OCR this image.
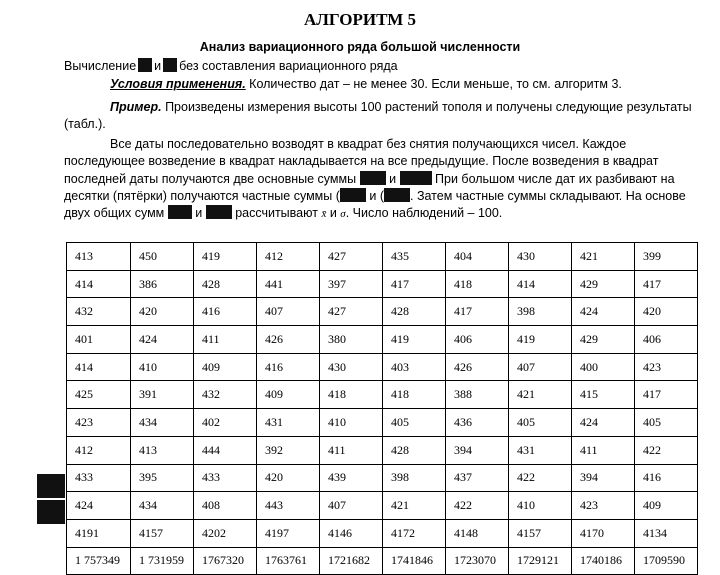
АЛГОРИТМ 5
Анализ вариационного ряда большой численности
Вычисление и без составления вариационного ряда
Условия применения. Количество дат – не менее 30. Если меньше, то см. алгоритм 3.
Пример. Произведены измерения высоты 100 растений тополя и получены следующие результаты (табл.).
Все даты последовательно возводят в квадрат без снятия получающихся чисел. Каждое последующее возведение в квадрат накладывается на все предыдущие. После возведения в квадрат последней даты получаются две основные суммы	и	При большом числе дат их разбивают на десятки (пятёрки) получаются частные суммы ( и ( . Затем частные суммы складывают. На основе двух общих сумм и	рассчитывают x̄ и σ. Число наблюдений – 100.
413	450	419	412	427	435	404	430	421	399
414	386	428	441	397	417	418	414	429	417
432	420	416	407	427	428	417	398	424	420
401	424	411	426	380	419	406	419	429	406
414	410	409	416	430	403	426	407	400	423
425	391	432	409	418	418	388	421	415	417
423	434	402	431	410	405	436	405	424	405
412	413	444	392	411	428	394	431	411	422
433	395	433	420	439	398	437	422	394	416
424	434	408	443	407	421	422	410	423	409
4191	4157	4202	4197	4146	4172	4148	4157	4170	4134
1 757349	1 731959	1767320	1763761	1721682	1741846	1723070	1729121	1740186	1709590
